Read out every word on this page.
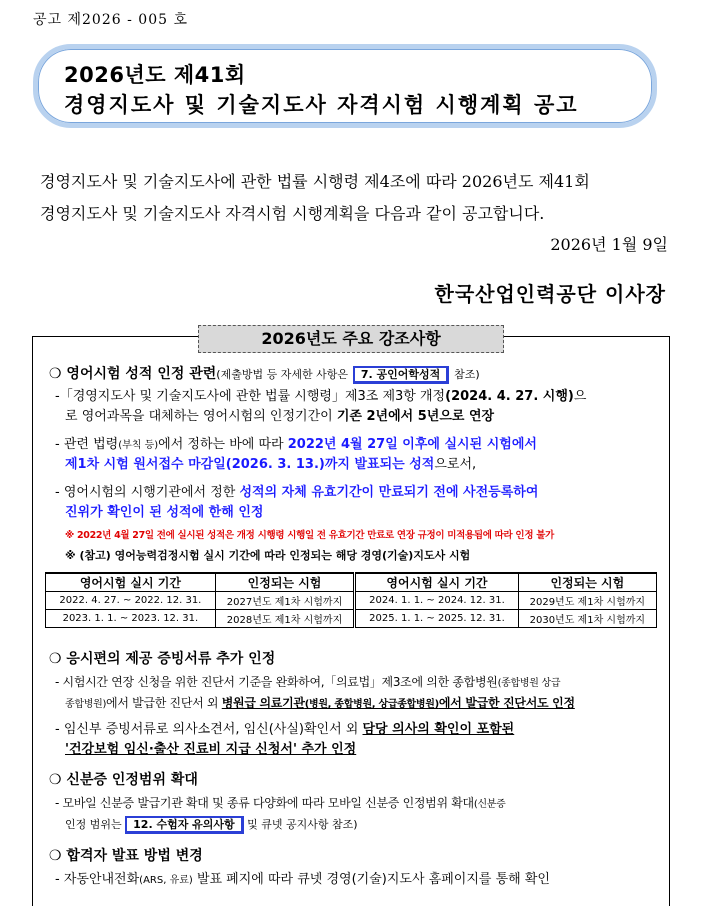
공고 제2026 - 005 호
2026년도 제41회
경영지도사 및 기술지도사 자격시험 시행계획 공고

경영지도사 및 기술지도사에 관한 법률 시행령 제4조에 따라 2026년도 제41회

경영지도사 및 기술지도사 자격시험 시행계획을 다음과 같이 공고합니다.

2026년 1월 9일
한국산업인력공단 이사장
2026년도 주요 강조사항
❍ 영어시험 성적 인정 관련(제출방법 등 자세한 사항은 7. 공인어학성적 참조)
-「경영지도사 및 기술지도사에 관한 법률 시행령」제3조 제3항 개정(2024. 4. 27. 시행)으
로 영어과목을 대체하는 영어시험의 인정기간이 기존 2년에서 5년으로 연장
- 관련 법령(부칙 등)에서 정하는 바에 따라 2022년 4월 27일 이후에 실시된 시험에서
제1차 시험 원서접수 마감일(2026. 3. 13.)까지 발표되는 성적으로서,
- 영어시험의 시행기관에서 정한 성적의 자체 유효기간이 만료되기 전에 사전등록하여
진위가 확인이 된 성적에 한해 인정
※ 2022년 4월 27일 전에 실시된 성적은 개정 시행령 시행일 전 유효기간 만료로 연장 규정이 미적용됨에 따라 인정 불가
※ (참고) 영어능력검정시험 실시 기간에 따라 인정되는 해당 경영(기술)지도사 시험
영어시험 실시 기간	인정되는 시험	영어시험 실시 기간	인정되는 시험
2022. 4. 27. ~ 2022. 12. 31.	2027년도 제1차 시험까지	2024. 1. 1. ~ 2024. 12. 31.	2029년도 제1차 시험까지
2023. 1. 1. ~ 2023. 12. 31.	2028년도 제1차 시험까지	2025. 1. 1. ~ 2025. 12. 31.	2030년도 제1차 시험까지
❍ 응시편의 제공 증빙서류 추가 인정
- 시험시간 연장 신청을 위한 진단서 기준을 완화하여,「의료법」제3조에 의한 종합병원(종합병원 상급
종합병원)에서 발급한 진단서 외 병원급 의료기관(병원, 종합병원, 상급종합병원)에서 발급한 진단서도 인정
- 임신부 증빙서류로 의사소견서, 임신(사실)확인서 외 담당 의사의 확인이 포함된
'건강보험 임신·출산 진료비 지급 신청서' 추가 인정
❍ 신분증 인정범위 확대
- 모바일 신분증 발급기관 확대 및 종류 다양화에 따라 모바일 신분증 인정범위 확대(신분증
인정 범위는 12. 수험자 유의사항 및 큐넷 공지사항 참조)
❍ 합격자 발표 방법 변경
- 자동안내전화(ARS, 유료) 발표 폐지에 따라 큐넷 경영(기술)지도사 홈페이지를 통해 확인
